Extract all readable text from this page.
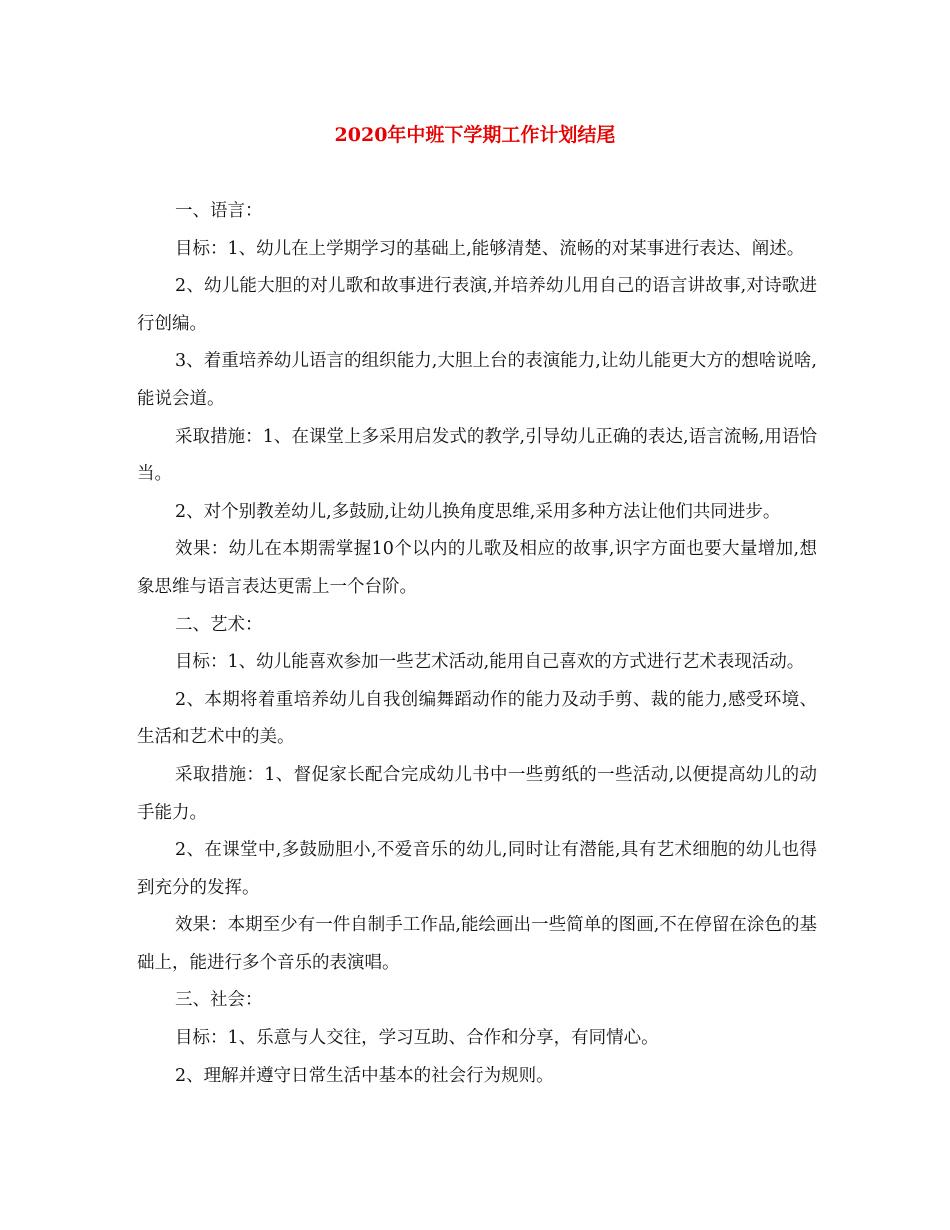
2020年中班下学期工作计划结尾

一、语言：

目标：1、幼儿在上学期学习的基础上,能够清楚、流畅的对某事进行表达、阐述。

2、幼儿能大胆的对儿歌和故事进行表演,并培养幼儿用自己的语言讲故事,对诗歌进行创编。

3、着重培养幼儿语言的组织能力,大胆上台的表演能力,让幼儿能更大方的想啥说啥,能说会道。

采取措施：1、在课堂上多采用启发式的教学,引导幼儿正确的表达,语言流畅,用语恰当。

2、对个别教差幼儿,多鼓励,让幼儿换角度思维,采用多种方法让他们共同进步。

效果：幼儿在本期需掌握10个以内的儿歌及相应的故事,识字方面也要大量增加,想象思维与语言表达更需上一个台阶。

二、艺术：

目标：1、幼儿能喜欢参加一些艺术活动,能用自己喜欢的方式进行艺术表现活动。

2、本期将着重培养幼儿自我创编舞蹈动作的能力及动手剪、裁的能力,感受环境、生活和艺术中的美。

采取措施：1、督促家长配合完成幼儿书中一些剪纸的一些活动,以便提高幼儿的动手能力。

2、在课堂中,多鼓励胆小,不爱音乐的幼儿,同时让有潜能,具有艺术细胞的幼儿也得到充分的发挥。

效果：本期至少有一件自制手工作品,能绘画出一些简单的图画,不在停留在涂色的基础上，能进行多个音乐的表演唱。

三、社会：

目标：1、乐意与人交往，学习互助、合作和分享，有同情心。

2、理解并遵守日常生活中基本的社会行为规则。
